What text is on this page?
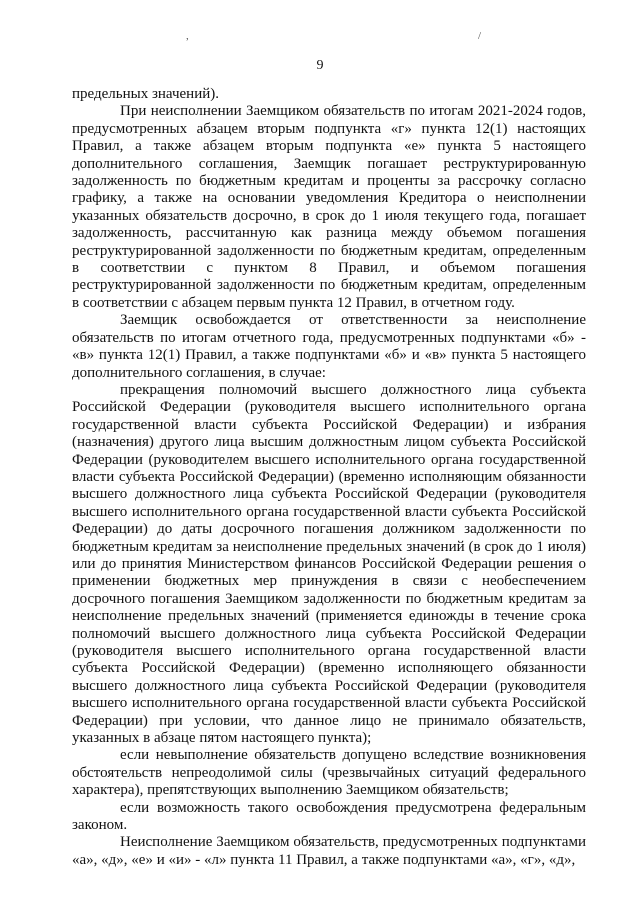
,	/
9

предельных значений).

При неисполнении Заемщиком обязательств по итогам 2021-2024 годов, предусмотренных абзацем вторым подпункта «г» пункта 12(1) настоящих Правил, а также абзацем вторым подпункта «е» пункта 5 настоящего дополнительного соглашения, Заемщик погашает реструктурированную задолженность по бюджетным кредитам и проценты за рассрочку согласно графику, а также на основании уведомления Кредитора о неисполнении указанных обязательств досрочно, в срок до 1 июля текущего года, погашает задолженность, рассчитанную как разница между объемом погашения реструктурированной задолженности по бюджетным кредитам, определенным в соответствии с пунктом 8 Правил, и объемом погашения реструктурированной задолженности по бюджетным кредитам, определенным в соответствии с абзацем первым пункта 12 Правил, в отчетном году.

Заемщик освобождается от ответственности за неисполнение обязательств по итогам отчетного года, предусмотренных подпунктами «б» - «в» пункта 12(1) Правил, а также подпунктами «б» и «в» пункта 5 настоящего дополнительного соглашения, в случае:

прекращения полномочий высшего должностного лица субъекта Российской Федерации (руководителя высшего исполнительного органа государственной власти субъекта Российской Федерации) и избрания (назначения) другого лица высшим должностным лицом субъекта Российской Федерации (руководителем высшего исполнительного органа государственной власти субъекта Российской Федерации) (временно исполняющим обязанности высшего должностного лица субъекта Российской Федерации (руководителя высшего исполнительного органа государственной власти субъекта Российской Федерации) до даты досрочного погашения должником задолженности по бюджетным кредитам за неисполнение предельных значений (в срок до 1 июля) или до принятия Министерством финансов Российской Федерации решения о применении бюджетных мер принуждения в связи с необеспечением досрочного погашения Заемщиком задолженности по бюджетным кредитам за неисполнение предельных значений (применяется единожды в течение срока полномочий высшего должностного лица субъекта Российской Федерации (руководителя высшего исполнительного органа государственной власти субъекта Российской Федерации) (временно исполняющего обязанности высшего должностного лица субъекта Российской Федерации (руководителя высшего исполнительного органа государственной власти субъекта Российской Федерации) при условии, что данное лицо не принимало обязательств, указанных в абзаце пятом настоящего пункта);

если невыполнение обязательств допущено вследствие возникновения обстоятельств непреодолимой силы (чрезвычайных ситуаций федерального характера), препятствующих выполнению Заемщиком обязательств;

если возможность такого освобождения предусмотрена федеральным законом.

Неисполнение Заемщиком обязательств, предусмотренных подпунктами «а», «д», «е» и «и» - «л» пункта 11 Правил, а также подпунктами «а», «г», «д»,
